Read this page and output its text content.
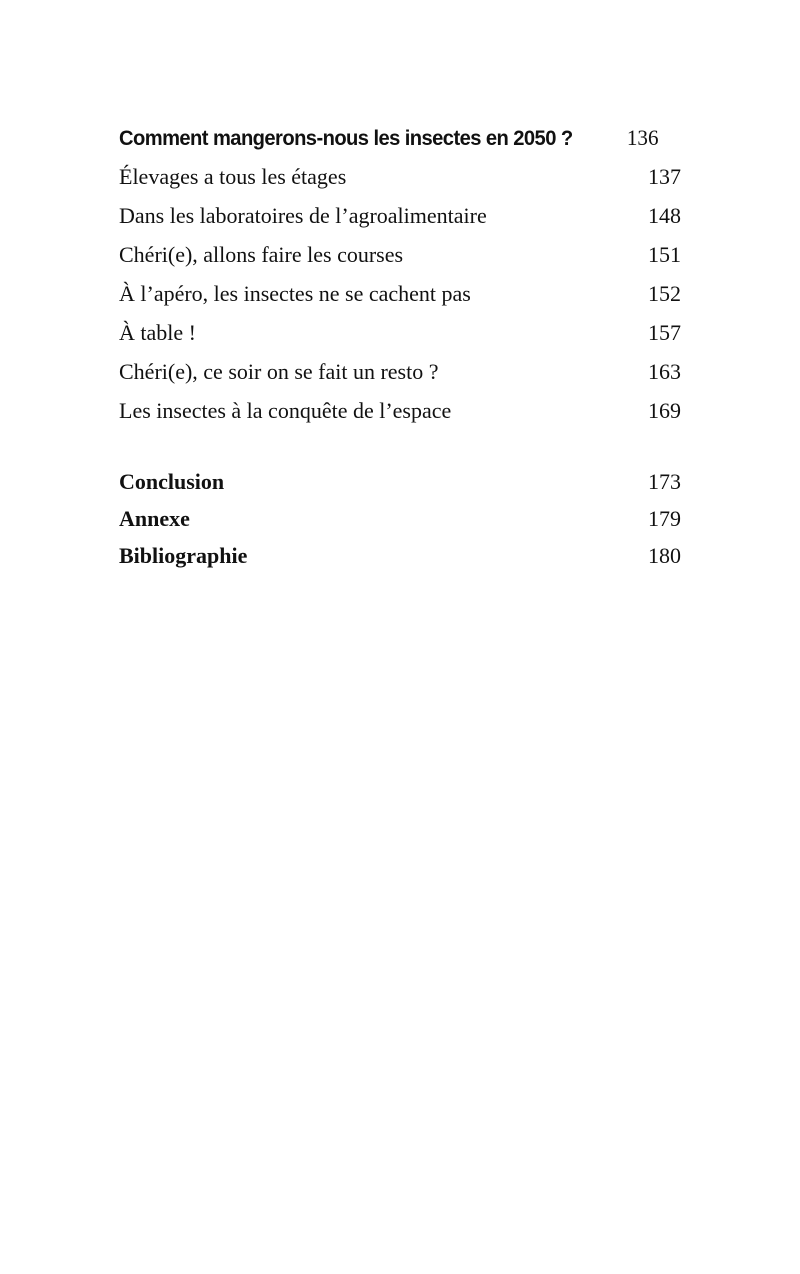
Comment mangerons-nous les insectes en 2050 ? 136
Élevages a tous les étages	137
Dans les laboratoires de l’agroalimentaire	148
Chéri(e), allons faire les courses	151
À l’apéro, les insectes ne se cachent pas	152
À table !	157
Chéri(e), ce soir on se fait un resto ?	163
Les insectes à la conquête de l’espace	169
Conclusion	173
Annexe	179
Bibliographie	180
